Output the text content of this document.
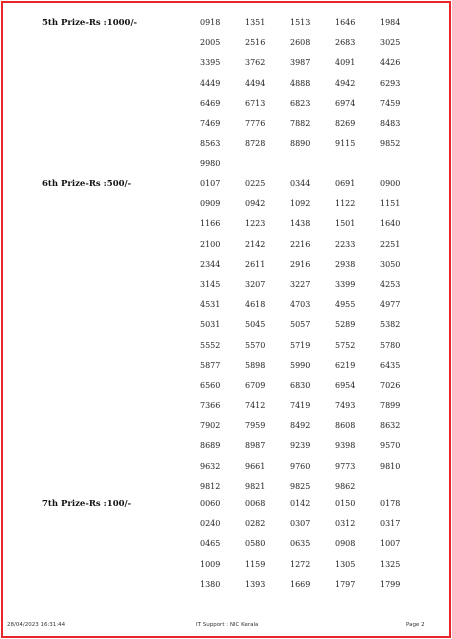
5th Prize-Rs :1000/-	0918	1351	1513	1646	1984
2005	2516	2608	2683	3025
3395	3762	3987	4091	4426
4449	4494	4888	4942	6293
6469	6713	6823	6974	7459
7469	7776	7882	8269	8483
8563	8728	8890	9115	9852
9980
6th Prize-Rs :500/-	0107	0225	0344	0691	0900
0909	0942	1092	1122	1151
1166	1223	1438	1501	1640
2100	2142	2216	2233	2251
2344	2611	2916	2938	3050
3145	3207	3227	3399	4253
4531	4618	4703	4955	4977
5031	5045	5057	5289	5382
5552	5570	5719	5752	5780
5877	5898	5990	6219	6435
6560	6709	6830	6954	7026
7366	7412	7419	7493	7899
7902	7959	8492	8608	8632
8689	8987	9239	9398	9570
9632	9661	9760	9773	9810
9812	9821	9825	9862
7th Prize-Rs :100/-	0060	0068	0142	0150	0178
0240	0282	0307	0312	0317
0465	0580	0635	0908	1007
1009	1159	1272	1305	1325
1380	1393	1669	1797	1799
28/04/2023 16:31:44	IT Support : NIC Kerala	Page 2
